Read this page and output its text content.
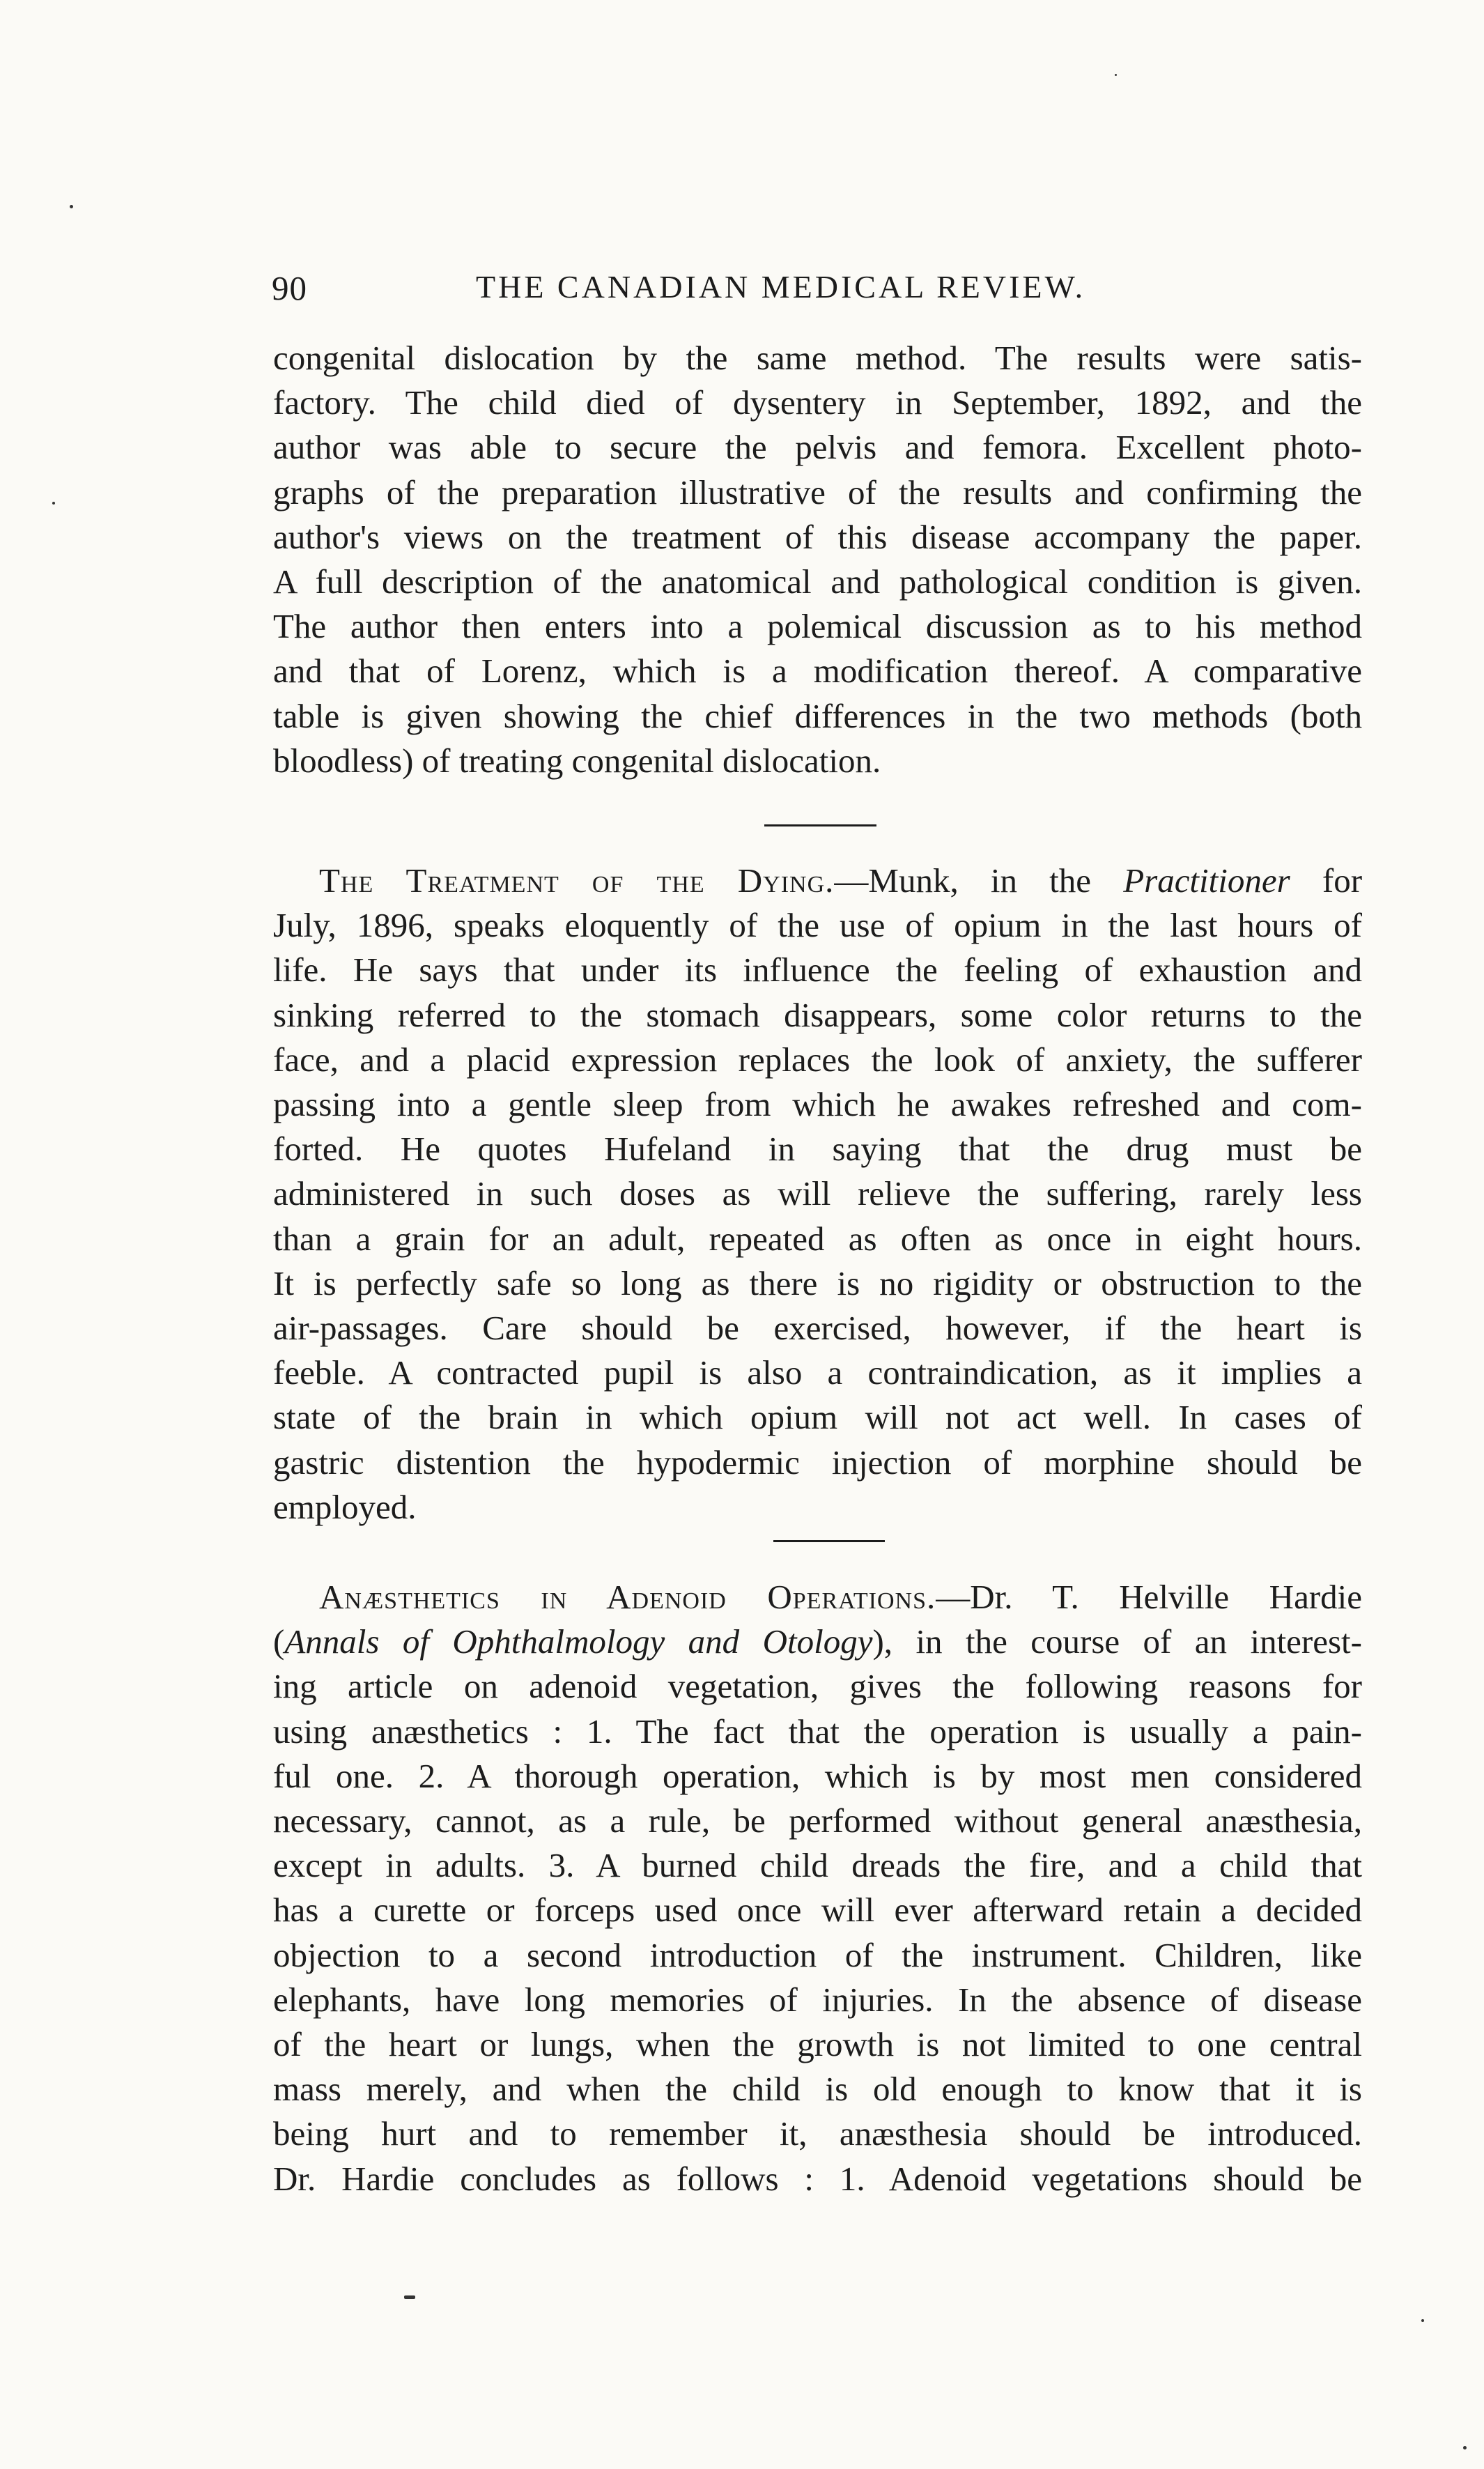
90	THE CANADIAN MEDICAL REVIEW.
congenital dislocation by the same method. The results were satis-
factory. The child died of dysentery in September, 1892, and the
author was able to secure the pelvis and femora. Excellent photo-
graphs of the preparation illustrative of the results and confirming the
author's views on the treatment of this disease accompany the paper.
A full description of the anatomical and pathological condition is given.
The author then enters into a polemical discussion as to his method
and that of Lorenz, which is a modification thereof. A comparative
table is given showing the chief differences in the two methods (both
bloodless) of treating congenital dislocation.
The Treatment of the Dying.—Munk, in the Practitioner for
July, 1896, speaks eloquently of the use of opium in the last hours of
life. He says that under its influence the feeling of exhaustion and
sinking referred to the stomach disappears, some color returns to the
face, and a placid expression replaces the look of anxiety, the sufferer
passing into a gentle sleep from which he awakes refreshed and com-
forted. He quotes Hufeland in saying that the drug must be
administered in such doses as will relieve the suffering, rarely less
than a grain for an adult, repeated as often as once in eight hours.
It is perfectly safe so long as there is no rigidity or obstruction to the
air-passages. Care should be exercised, however, if the heart is
feeble. A contracted pupil is also a contraindication, as it implies a
state of the brain in which opium will not act well. In cases of
gastric distention the hypodermic injection of morphine should be
employed.
Anæsthetics in Adenoid Operations.—Dr. T. Helville Hardie
(Annals of Ophthalmology and Otology), in the course of an interest-
ing article on adenoid vegetation, gives the following reasons for
using anæsthetics : 1. The fact that the operation is usually a pain-
ful one. 2. A thorough operation, which is by most men considered
necessary, cannot, as a rule, be performed without general anæsthesia,
except in adults. 3. A burned child dreads the fire, and a child that
has a curette or forceps used once will ever afterward retain a decided
objection to a second introduction of the instrument. Children, like
elephants, have long memories of injuries. In the absence of disease
of the heart or lungs, when the growth is not limited to one central
mass merely, and when the child is old enough to know that it is
being hurt and to remember it, anæsthesia should be introduced.
Dr. Hardie concludes as follows : 1. Adenoid vegetations should be
